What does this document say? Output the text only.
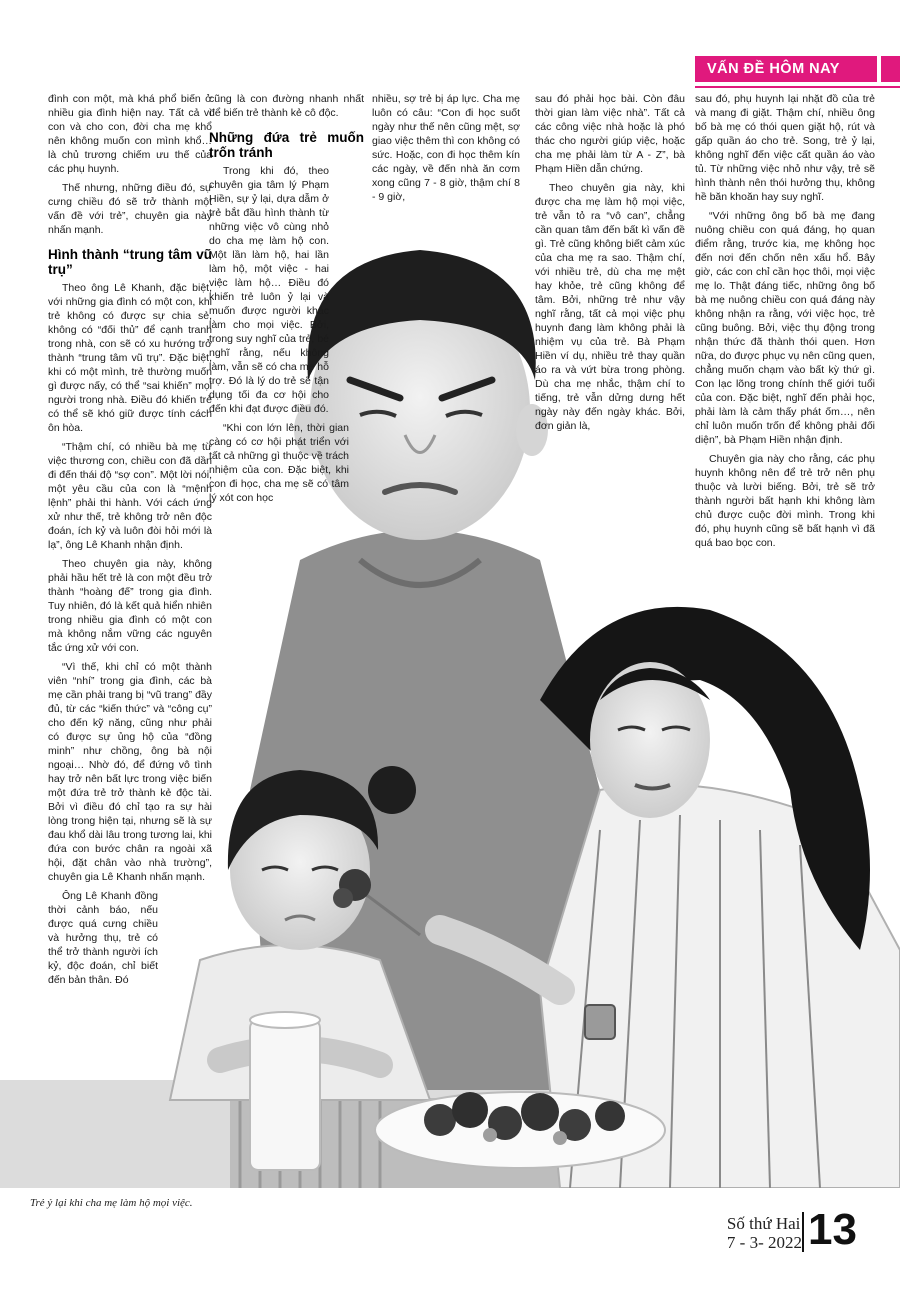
VẤN ĐỀ HÔM NAY

đình con một, mà khá phổ biến ở nhiều gia đình hiện nay. Tất cả vì con và cho con, đời cha mẹ khổ nên không muốn con mình khổ… là chủ trương chiếm ưu thế của các phụ huynh.

Thế nhưng, những điều đó, sự cưng chiều đó sẽ trở thành một vấn đề với trẻ”, chuyên gia này nhấn mạnh.

Hình thành “trung tâm vũ trụ”

Theo ông Lê Khanh, đặc biệt, với những gia đình có một con, khi trẻ không có được sự chia sẻ, không có “đối thủ” để cạnh tranh trong nhà, con sẽ có xu hướng trở thành “trung tâm vũ trụ”. Đặc biệt, khi có một mình, trẻ thường muốn gì được nấy, có thể “sai khiến” mọi người trong nhà. Điều đó khiến trẻ có thể sẽ khó giữ được tính cách ôn hòa.

“Thậm chí, có nhiều bà mẹ từ việc thương con, chiều con đã dần đi đến thái độ “sợ con”. Một lời nói, một yêu cầu của con là “mệnh lệnh” phải thi hành. Với cách ứng xử như thế, trẻ không trở nên độc đoán, ích kỷ và luôn đòi hỏi mới là lạ”, ông Lê Khanh nhận định.

Theo chuyên gia này, không phải hầu hết trẻ là con một đều trở thành “hoàng đế” trong gia đình. Tuy nhiên, đó là kết quả hiển nhiên trong nhiều gia đình có một con mà không nắm vững các nguyên tắc ứng xử với con.

“Vì thế, khi chỉ có một thành viên “nhí” trong gia đình, các bà mẹ cần phải trang bị “vũ trang” đầy đủ, từ các “kiến thức” và “công cụ” cho đến kỹ năng, cũng như phải có được sự ủng hộ của “đồng minh” như chồng, ông bà nội ngoại… Nhờ đó, để đứng vô tình hay trở nên bất lực trong việc biến một đứa trẻ trở thành kẻ độc tài. Bởi vì điều đó chỉ tạo ra sự hài lòng trong hiện tại, nhưng sẽ là sự đau khổ dài lâu trong tương lai, khi đứa con bước chân ra ngoài xã hội, đặt chân vào nhà trường”, chuyên gia Lê Khanh nhấn mạnh.

Ông Lê Khanh đồng thời cảnh báo, nếu được quá cưng chiều và hưởng thụ, trẻ có thể trở thành người ích kỷ, độc đoán, chỉ biết đến bản thân. Đó

cũng là con đường nhanh nhất để biến trẻ thành kẻ cô độc.

Những đứa trẻ muốn trốn tránh

Trong khi đó, theo chuyên gia tâm lý Phạm Hiền, sự ỷ lại, dựa dẫm ở trẻ bắt đầu hình thành từ những việc vô cùng nhỏ do cha mẹ làm hộ con. Một lần làm hộ, hai lần làm hộ, một việc - hai việc làm hộ… Điều đó khiến trẻ luôn ỷ lại và muốn được người khác làm cho mọi việc. Bởi, trong suy nghĩ của trẻ, bé nghĩ rằng, nếu không làm, vẫn sẽ có cha mẹ hỗ trợ. Đó là lý do trẻ sẽ tận dụng tối đa cơ hội cho đến khi đạt được điều đó.

“Khi con lớn lên, thời gian càng có cơ hội phát triển với tất cả những gì thuộc về trách nhiệm của con. Đặc biệt, khi con đi học, cha mẹ sẽ có tâm lý xót con học

nhiều, sợ trẻ bị áp lực. Cha mẹ luôn có câu: “Con đi học suốt ngày như thế nên cũng mệt, sợ giao việc thêm thì con không có sức. Hoặc, con đi học thêm kín các ngày, về đến nhà ăn cơm xong cũng 7 - 8 giờ, thậm chí 8 - 9 giờ,

sau đó phải học bài. Còn đâu thời gian làm việc nhà”. Tất cả các công việc nhà hoặc là phó thác cho người giúp việc, hoặc cha mẹ phải làm từ A - Z”, bà Phạm Hiền dẫn chứng.

Theo chuyên gia này, khi được cha mẹ làm hộ mọi việc, trẻ vẫn tỏ ra “vô can”, chẳng cần quan tâm đến bất kì vấn đề gì. Trẻ cũng không biết cảm xúc của cha mẹ ra sao. Thậm chí, với nhiều trẻ, dù cha mẹ mệt hay khỏe, trẻ cũng không để tâm. Bởi, những trẻ như vậy nghĩ rằng, tất cả mọi việc phụ huynh đang làm không phải là nhiệm vụ của trẻ. Bà Phạm Hiền ví dụ, nhiều trẻ thay quần áo ra và vứt bừa trong phòng. Dù cha mẹ nhắc, thậm chí to tiếng, trẻ vẫn dửng dưng hết ngày này đến ngày khác. Bởi, đơn giản là,

sau đó, phụ huynh lại nhặt đồ của trẻ và mang đi giặt. Thậm chí, nhiều ông bố bà mẹ có thói quen giặt hộ, rút và gấp quần áo cho trẻ. Song, trẻ ỷ lại, không nghĩ đến việc cất quần áo vào tủ. Từ những việc nhỏ như vậy, trẻ sẽ hình thành nên thói hưởng thụ, không hề băn khoăn hay suy nghĩ.

“Với những ông bố bà mẹ đang nuông chiều con quá đáng, họ quan điểm rằng, trước kia, mẹ không học đến nơi đến chốn nên xấu hổ. Bây giờ, các con chỉ cần học thôi, mọi việc mẹ lo. Thật đáng tiếc, những ông bố bà mẹ nuông chiều con quá đáng này không nhận ra rằng, với việc học, trẻ cũng buông. Bởi, việc thụ động trong nhận thức đã thành thói quen. Hơn nữa, do được phục vụ nên cũng quen, chẳng muốn chạm vào bất kỳ thứ gì. Con lạc lõng trong chính thế giới tuổi của con. Đặc biệt, nghĩ đến phải học, phải làm là cảm thấy phát ốm…, nên chỉ luôn muốn trốn để không phải đối diện”, bà Phạm Hiền nhận định.

Chuyên gia này cho rằng, các phụ huynh không nên để trẻ trở nên phụ thuộc và lười biếng. Bởi, trẻ sẽ trở thành người bất hạnh khi không làm chủ được cuộc đời mình. Trong khi đó, phụ huynh cũng sẽ bất hạnh vì đã quá bao bọc con.

Trẻ ỷ lại khi cha mẹ làm hộ mọi việc.
Số thứ Hai
7 - 3- 2022 13
